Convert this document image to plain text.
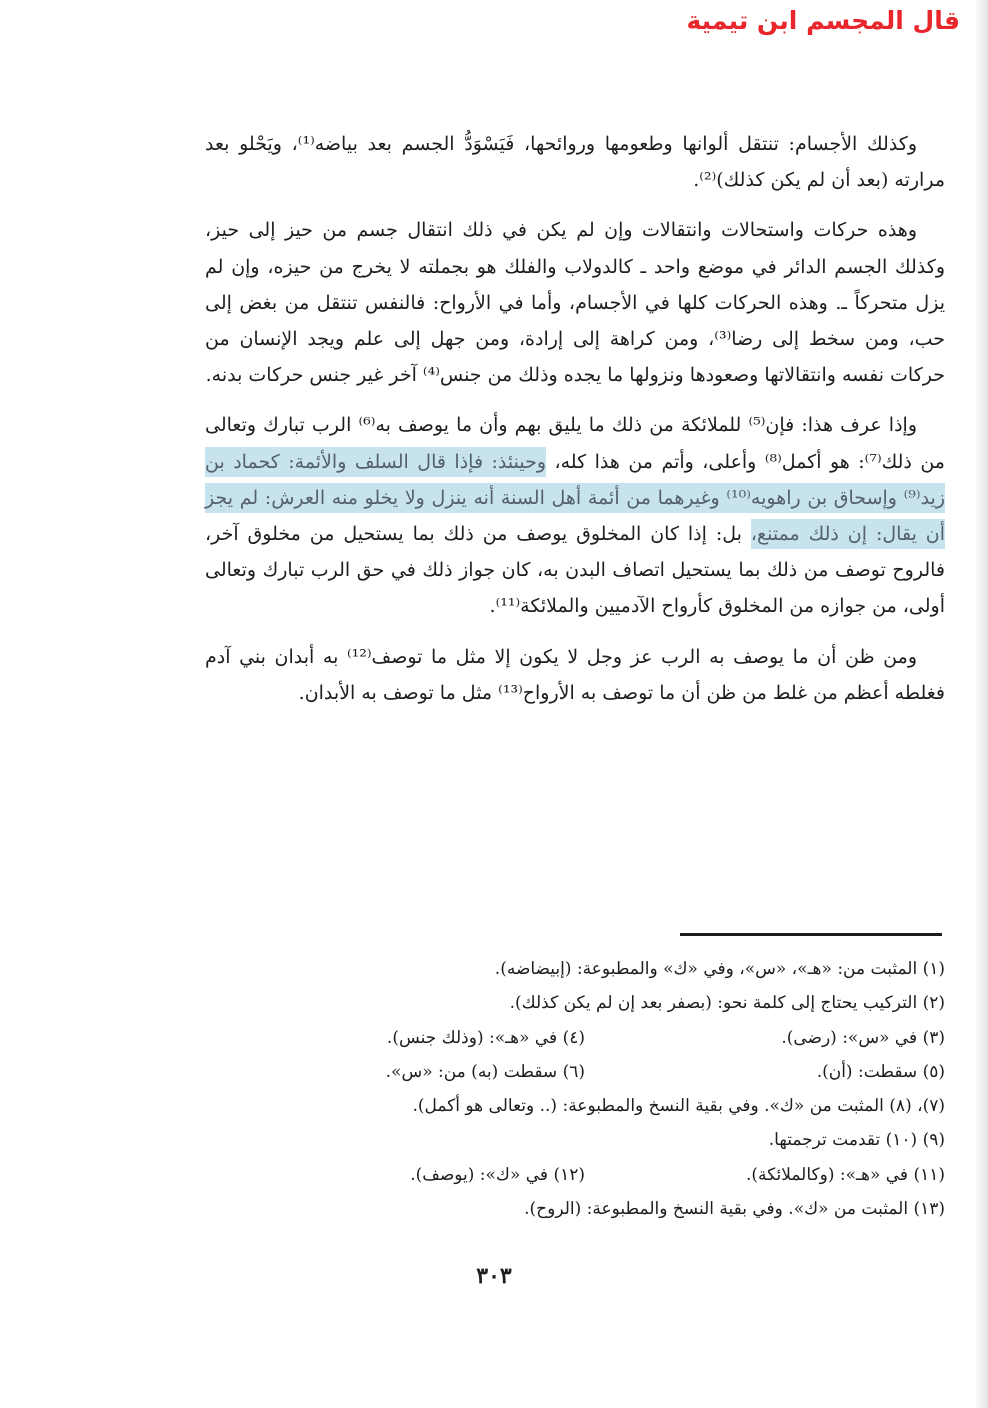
قال المجسم ابن تيمية

وكذلك الأجسام: تنتقل ألوانها وطعومها وروائحها، فَيَسْوَدُّ الجسم بعد بياضه⁽¹⁾، ويَحْلو بعد مرارته (بعد أن لم يكن كذلك)⁽²⁾.

وهذه حركات واستحالات وانتقالات وإن لم يكن في ذلك انتقال جسم من حيز إلى حيز، وكذلك الجسم الدائر في موضع واحد ـ كالدولاب والفلك هو بجملته لا يخرج من حيزه، وإن لم يزل متحركاً ـ. وهذه الحركات كلها في الأجسام، وأما في الأرواح: فالنفس تنتقل من بغض إلى حب، ومن سخط إلى رضا⁽³⁾، ومن كراهة إلى إرادة، ومن جهل إلى علم ويجد الإنسان من حركات نفسه وانتقالاتها وصعودها ونزولها ما يجده وذلك من جنس⁽⁴⁾ آخر غير جنس حركات بدنه.

وإذا عرف هذا: فإن⁽⁵⁾ للملائكة من ذلك ما يليق بهم وأن ما يوصف به⁽⁶⁾ الرب تبارك وتعالى من ذلك⁽⁷⁾: هو أكمل⁽⁸⁾ وأعلى، وأتم من هذا كله، وحينئذ: فإذا قال السلف والأئمة: كحماد بن زيد⁽⁹⁾ وإسحاق بن راهويه⁽¹⁰⁾ وغيرهما من أئمة أهل السنة أنه ينزل ولا يخلو منه العرش: لم يجز أن يقال: إن ذلك ممتنع، بل: إذا كان المخلوق يوصف من ذلك بما يستحيل من مخلوق آخر، فالروح توصف من ذلك بما يستحيل اتصاف البدن به، كان جواز ذلك في حق الرب تبارك وتعالى أولى، من جوازه من المخلوق كأرواح الآدميين والملائكة⁽¹¹⁾.

ومن ظن أن ما يوصف به الرب عز وجل لا يكون إلا مثل ما توصف⁽¹²⁾ به أبدان بني آدم فغلطه أعظم من غلط من ظن أن ما توصف به الأرواح⁽¹³⁾ مثل ما توصف به الأبدان.

(١) المثبت من: «هـ»، «س»، وفي «ك» والمطبوعة: (إبيضاضه).
(٢) التركيب يحتاج إلى كلمة نحو: (بصفر بعد إن لم يكن كذلك).
(٣) في «س»: (رضى).
(٤) في «هـ»: (وذلك جنس).
(٥) سقطت: (أن).
(٦) سقطت (به) من: «س».
(٧)، (٨) المثبت من «ك». وفي بقية النسخ والمطبوعة: (.. وتعالى هو أكمل).
(٩) (١٠) تقدمت ترجمتها.
(١١) في «هـ»: (وكالملائكة).
(١٢) في «ك»: (يوصف).
(١٣) المثبت من «ك». وفي بقية النسخ والمطبوعة: (الروح).
٣٠٣
